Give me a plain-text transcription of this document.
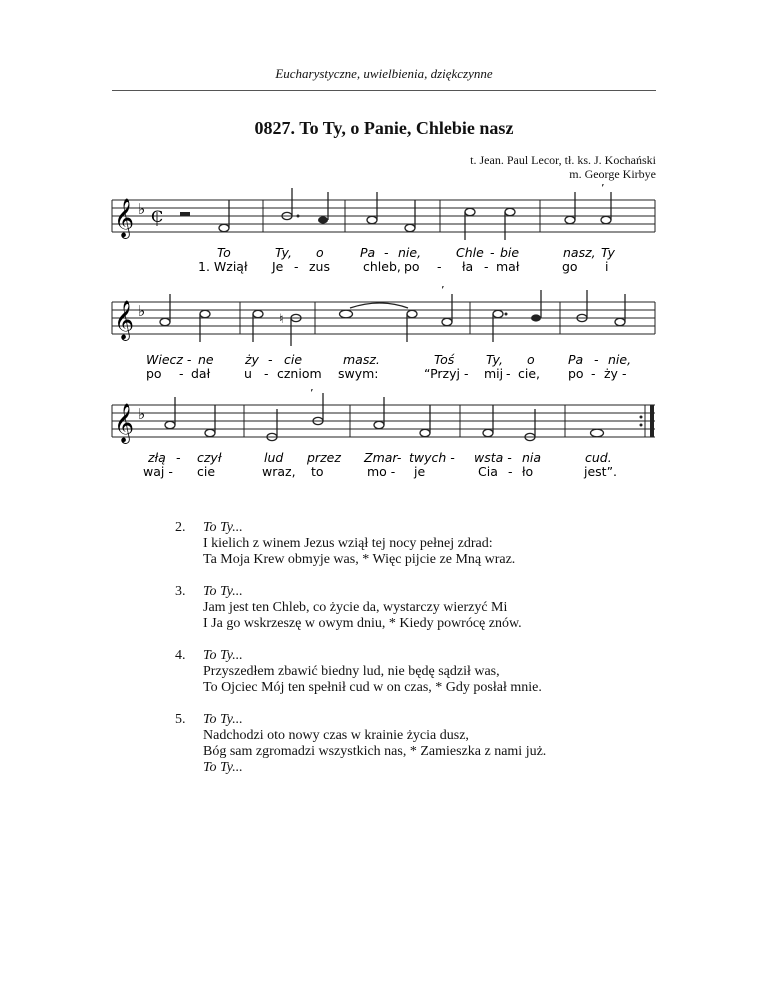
Eucharystyczne, uwielbienia, dziękczynne
0827. To Ty, o Panie, Chlebie nasz
t. Jean. Paul Lecor, tł. ks. J. Kochański
m. George Kirbye
𝄞 ♭ C
’
To	Ty, o	Pa - nie,	Chle - bie	nasz, Ty
1. Wziął Je - zus	chleb, po - ła - mał	go i
𝄞 ♭	♮
’
Wiecz - ne	ży - cie	masz.	Toś	Ty, o	Pa - nie,
po - dał	u - czniom swym:	“Przyj - mij - cie, po - ży -
𝄞 ♭
’
złą - czył	lud przez Zmar- twych - wsta - nia	cud.
waj - cie	wraz, to	mo - je	Cia - ło	jest”.
2. To Ty...
I kielich z winem Jezus wziął tej nocy pełnej zdrad:
Ta Moja Krew obmyje was, * Więc pijcie ze Mną wraz.
3. To Ty...
Jam jest ten Chleb, co życie da, wystarczy wierzyć Mi
I Ja go wskrzeszę w owym dniu, * Kiedy powrócę znów.
4. To Ty...
Przyszedłem zbawić biedny lud, nie będę sądził was,
To Ojciec Mój ten spełnił cud w on czas, * Gdy posłał mnie.
5. To Ty...
Nadchodzi oto nowy czas w krainie życia dusz,
Bóg sam zgromadzi wszystkich nas, * Zamieszka z nami już.
To Ty...
